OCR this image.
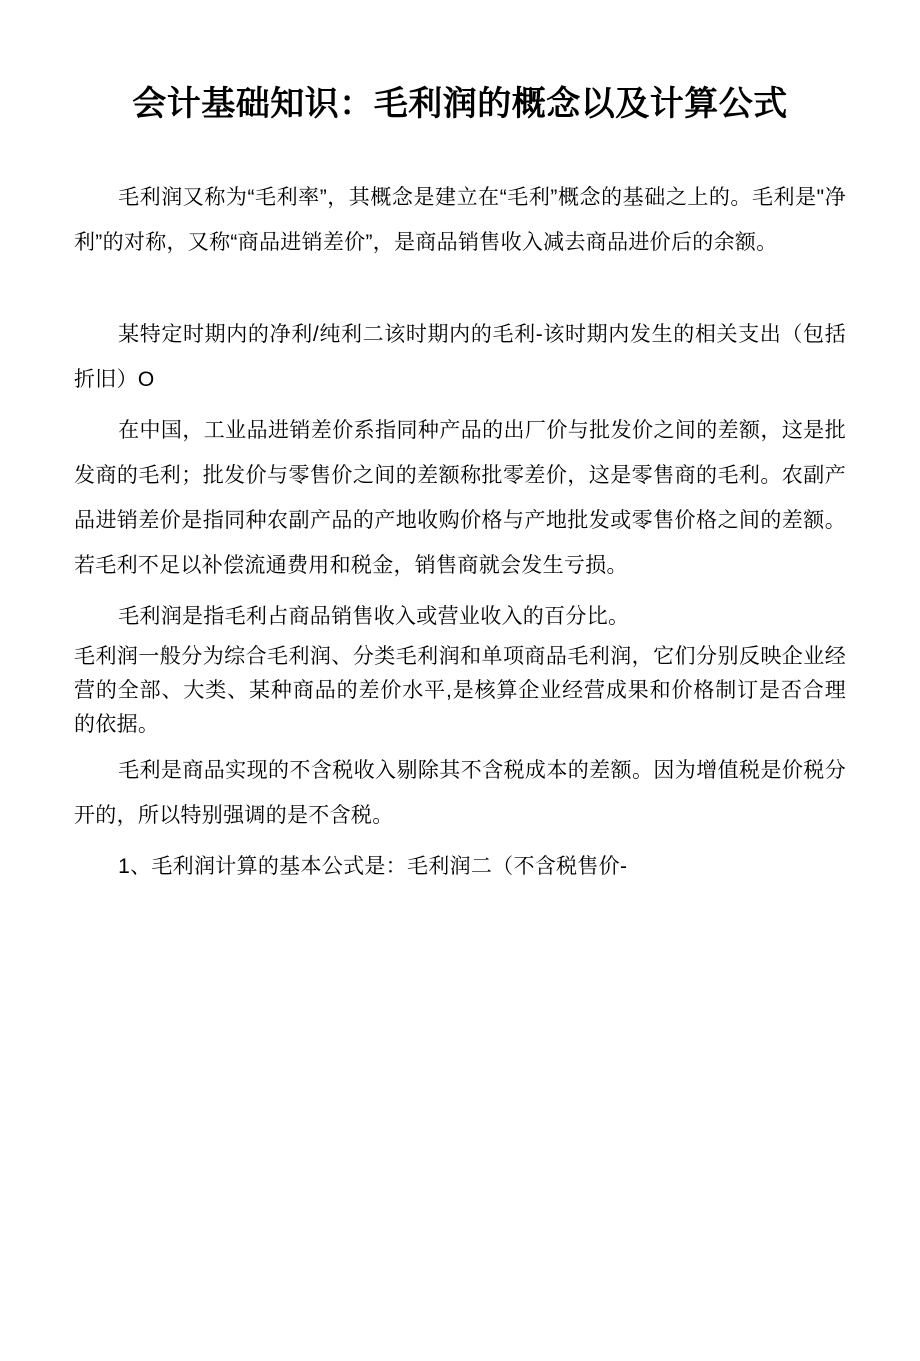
会计基础知识：毛利润的概念以及计算公式

毛利润又称为“毛利率”，其概念是建立在“毛利”概念的基础之上的。毛利是"净利”的对称，又称“商品进销差价”，是商品销售收入减去商品进价后的余额。

某特定时期内的净利/纯利二该时期内的毛利-该时期内发生的相关支出（包括折旧）O

在中国，工业品进销差价系指同种产品的出厂价与批发价之间的差额，这是批发商的毛利；批发价与零售价之间的差额称批零差价，这是零售商的毛利。农副产品进销差价是指同种农副产品的产地收购价格与产地批发或零售价格之间的差额。若毛利不足以补偿流通费用和税金，销售商就会发生亏损。

毛利润是指毛利占商品销售收入或营业收入的百分比。

毛利润一般分为综合毛利润、分类毛利润和单项商品毛利润，它们分别反映企业经营的全部、大类、某种商品的差价水平,是核算企业经营成果和价格制订是否合理的依据。

毛利是商品实现的不含税收入剔除其不含税成本的差额。因为增值税是价税分开的，所以特别强调的是不含税。

1、毛利润计算的基本公式是：毛利润二（不含税售价-
